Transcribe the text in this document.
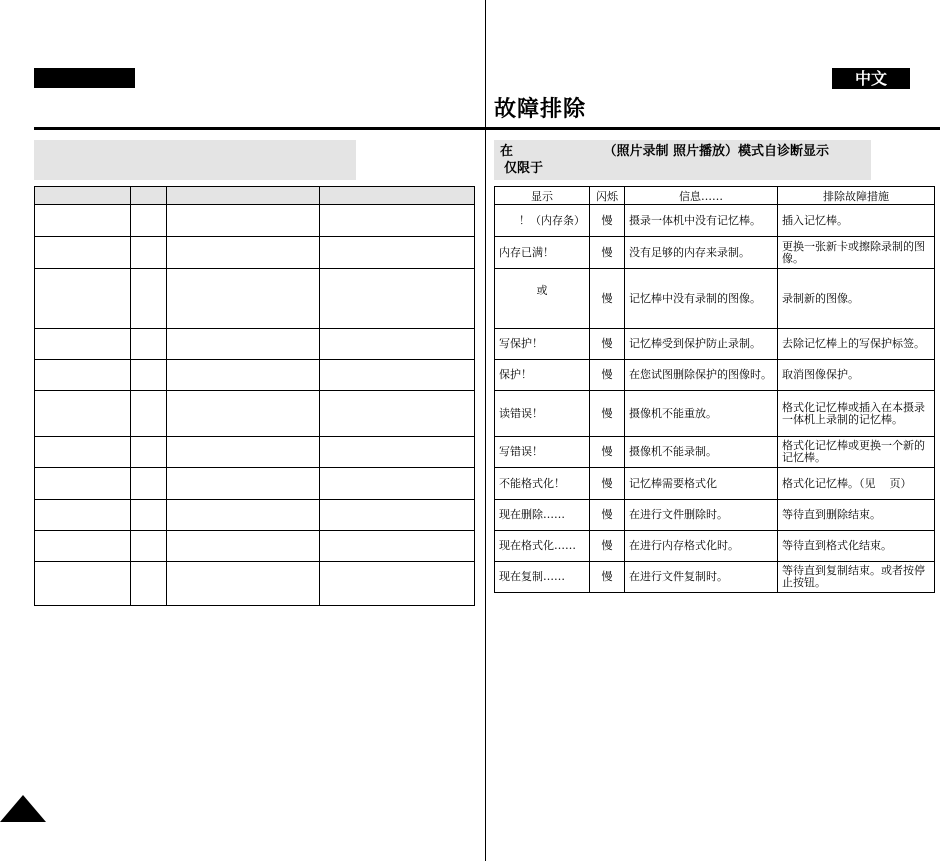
中文
故障排除

在                    （照片录制 照片播放）模式自诊断显示
仅限于
显示	闪烁	信息……	排除故障措施
！（内存条）	慢	摄录一体机中没有记忆棒。	插入记忆棒。
内存已满！	慢	没有足够的内存来录制。	更换一张新卡或擦除录制的图像。
或	慢	记忆棒中没有录制的图像。	录制新的图像。
写保护！	慢	记忆棒受到保护防止录制。	去除记忆棒上的写保护标签。
保护！	慢	在您试图删除保护的图像时。	取消图像保护。
读错误！	慢	摄像机不能重放。	格式化记忆棒或插入在本摄录一体机上录制的记忆棒。
写错误！	慢	摄像机不能录制。	格式化记忆棒或更换一个新的记忆棒。
不能格式化！	慢	记忆棒需要格式化	格式化记忆棒。（见    页）
现在删除……	慢	在进行文件删除时。	等待直到删除结束。
现在格式化……	慢	在进行内存格式化时。	等待直到格式化结束。
现在复制……	慢	在进行文件复制时。	等待直到复制结束。或者按停止按钮。
